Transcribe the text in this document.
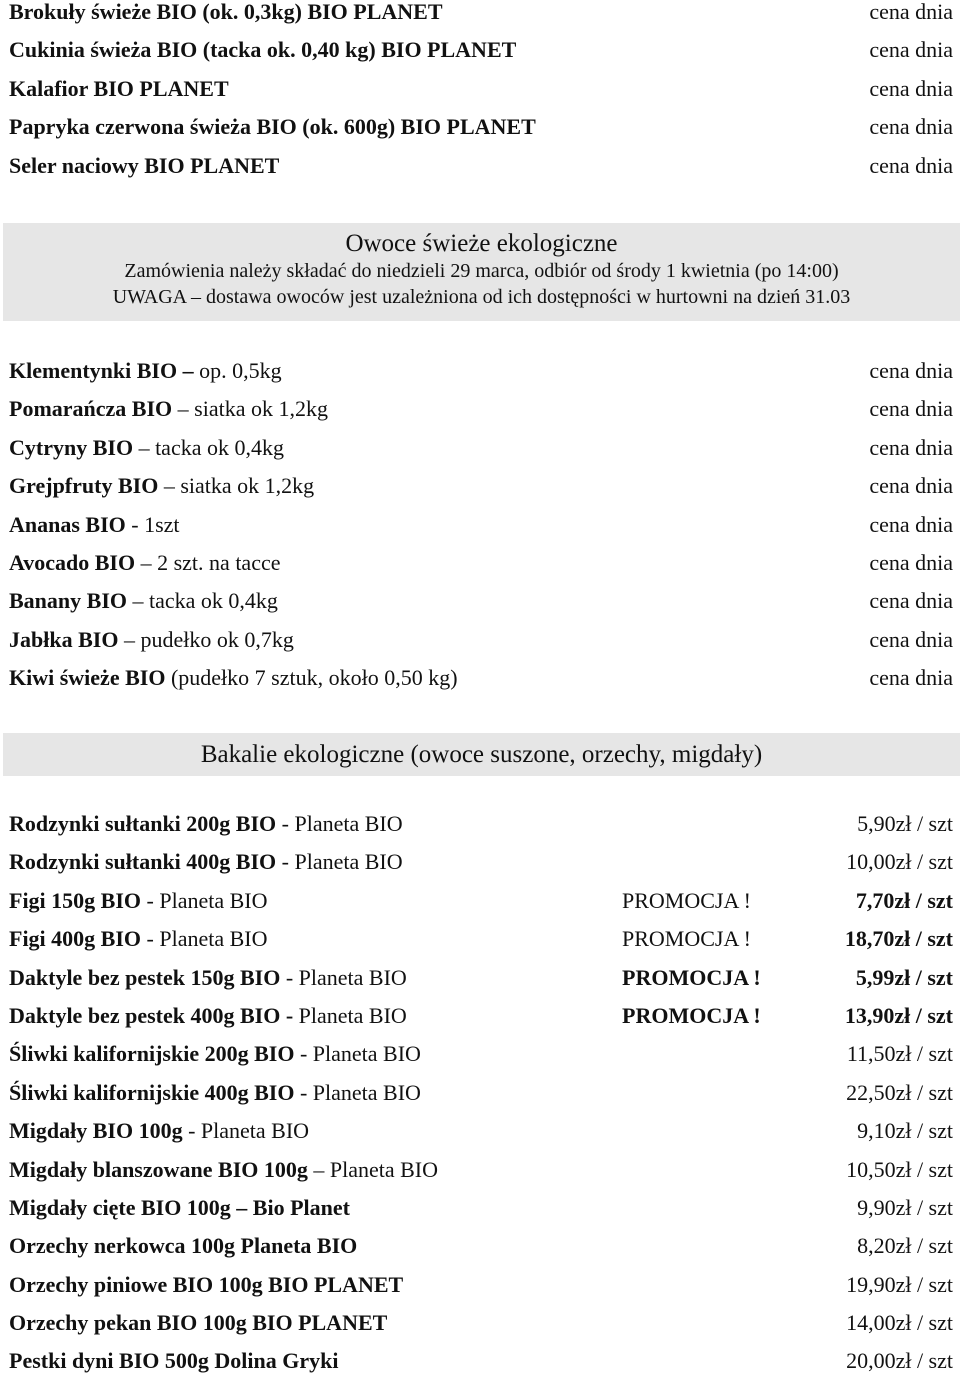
Brokuły świeże BIO (ok. 0,3kg) BIO PLANET	cena dnia
Cukinia świeża BIO (tacka ok. 0,40 kg) BIO PLANET	cena dnia
Kalafior BIO PLANET	cena dnia
Papryka czerwona świeża BIO (ok. 600g) BIO PLANET	cena dnia
Seler naciowy BIO PLANET	cena dnia
Owoce świeże ekologiczne
Zamówienia należy składać do niedzieli 29 marca, odbiór od środy 1 kwietnia (po 14:00)
UWAGA – dostawa owoców jest uzależniona od ich dostępności w hurtowni na dzień 31.03
Klementynki BIO – op. 0,5kg	cena dnia
Pomarańcza BIO – siatka ok 1,2kg	cena dnia
Cytryny BIO – tacka ok 0,4kg	cena dnia
Grejpfruty BIO – siatka ok 1,2kg	cena dnia
Ananas BIO - 1szt	cena dnia
Avocado BIO – 2 szt. na tacce	cena dnia
Banany BIO – tacka ok 0,4kg	cena dnia
Jabłka BIO – pudełko ok 0,7kg	cena dnia
Kiwi świeże BIO (pudełko 7 sztuk, około 0,50 kg)	cena dnia
Bakalie ekologiczne (owoce suszone, orzechy, migdały)
Rodzynki sułtanki 200g BIO - Planeta BIO	5,90zł / szt
Rodzynki sułtanki 400g BIO - Planeta BIO	10,00zł / szt
Figi 150g BIO - Planeta BIO	PROMOCJA !	7,70zł / szt
Figi 400g BIO - Planeta BIO	PROMOCJA !	18,70zł / szt
Daktyle bez pestek 150g BIO - Planeta BIO	PROMOCJA !	5,99zł / szt
Daktyle bez pestek 400g BIO - Planeta BIO	PROMOCJA !	13,90zł / szt
Śliwki kalifornijskie 200g BIO - Planeta BIO	11,50zł / szt
Śliwki kalifornijskie 400g BIO - Planeta BIO	22,50zł / szt
Migdały BIO 100g - Planeta BIO	9,10zł / szt
Migdały blanszowane BIO 100g – Planeta BIO	10,50zł / szt
Migdały cięte BIO 100g – Bio Planet	9,90zł / szt
Orzechy nerkowca 100g Planeta BIO	8,20zł / szt
Orzechy piniowe BIO 100g BIO PLANET	19,90zł / szt
Orzechy pekan BIO 100g BIO PLANET	14,00zł / szt
Pestki dyni BIO 500g Dolina Gryki	20,00zł / szt
